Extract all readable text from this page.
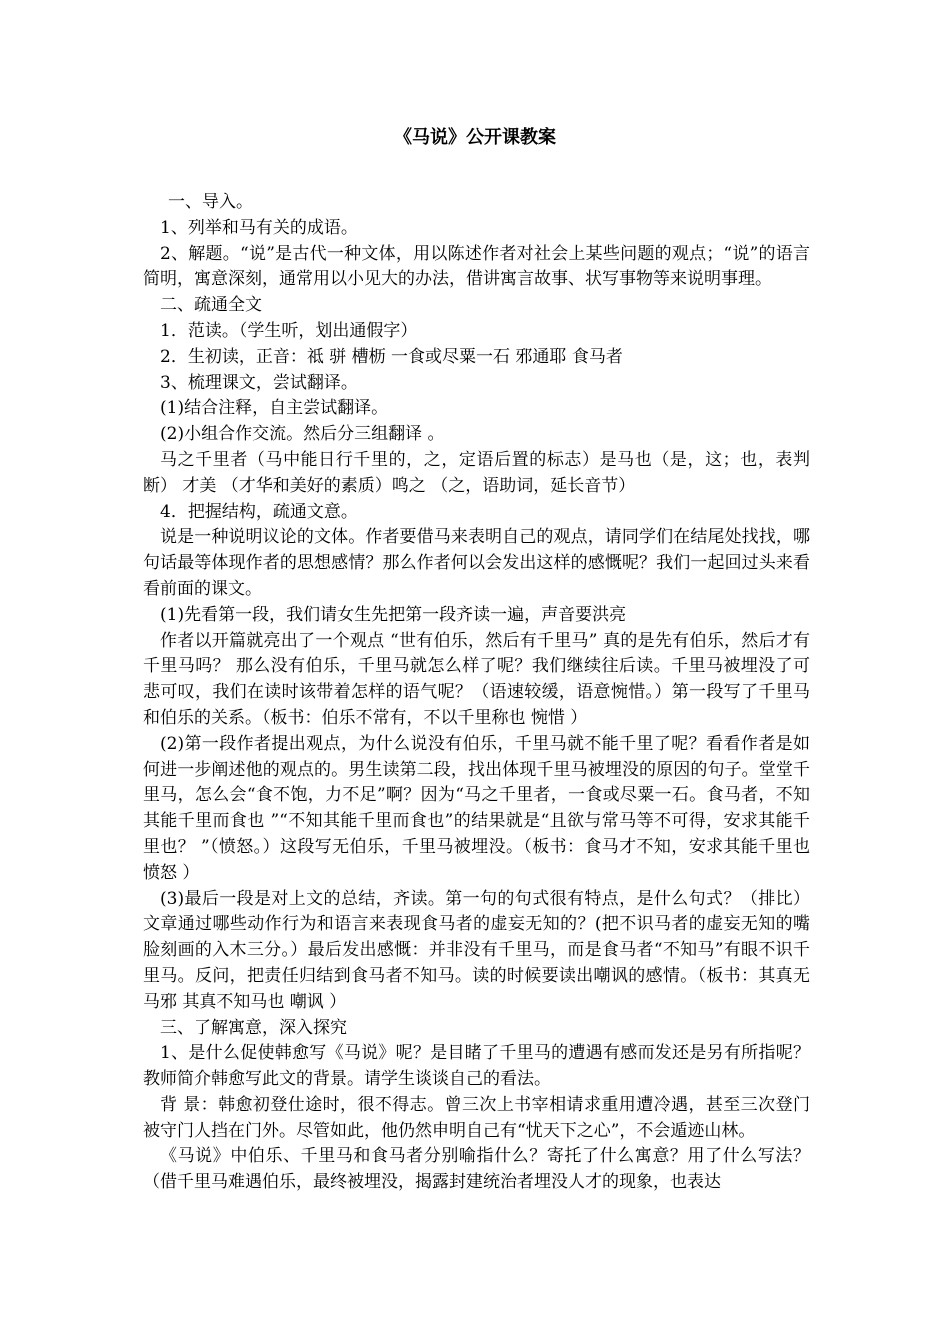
《马说》公开课教案

一、导入。

1、列举和马有关的成语。

2、解题。“说”是古代一种文体，用以陈述作者对社会上某些问题的观点；“说”的语言简明，寓意深刻，通常用以小见大的办法，借讲寓言故事、状写事物等来说明事理。

二、疏通全文

1．范读。（学生听，划出通假字）

2．生初读，正音：祗 骈 槽枥 一食或尽粟一石 邪通耶 食马者

3、梳理课文，尝试翻译。

(1)结合注释，自主尝试翻译。

(2)小组合作交流。然后分三组翻译 。

马之千里者（马中能日行千里的，之，定语后置的标志）是马也（是，这；也，表判断） 才美 （才华和美好的素质）鸣之 （之，语助词，延长音节）

4．把握结构，疏通文意。

说是一种说明议论的文体。作者要借马来表明自己的观点，请同学们在结尾处找找，哪句话最等体现作者的思想感情？那么作者何以会发出这样的感慨呢？我们一起回过头来看看前面的课文。

(1)先看第一段，我们请女生先把第一段齐读一遍，声音要洪亮

作者以开篇就亮出了一个观点 “世有伯乐，然后有千里马” 真的是先有伯乐，然后才有千里马吗？ 那么没有伯乐，千里马就怎么样了呢？我们继续往后读。千里马被埋没了可悲可叹，我们在读时该带着怎样的语气呢？（语速较缓，语意惋惜。）第一段写了千里马和伯乐的关系。（板书：伯乐不常有，不以千里称也 惋惜 ）

(2)第一段作者提出观点，为什么说没有伯乐，千里马就不能千里了呢？看看作者是如何进一步阐述他的观点的。男生读第二段，找出体现千里马被埋没的原因的句子。堂堂千里马，怎么会“食不饱，力不足”啊？因为“马之千里者，一食或尽粟一石。食马者，不知其能千里而食也 ”“不知其能千里而食也”的结果就是“且欲与常马等不可得，安求其能千里也？ ”（愤怒。）这段写无伯乐，千里马被埋没。（板书：食马才不知，安求其能千里也 愤怒 ）

(3)最后一段是对上文的总结，齐读。第一句的句式很有特点，是什么句式？（排比） 文章通过哪些动作行为和语言来表现食马者的虚妄无知的？(把不识马者的虚妄无知的嘴脸刻画的入木三分。）最后发出感慨：并非没有千里马，而是食马者“不知马”有眼不识千里马。反问，把责任归结到食马者不知马。读的时候要读出嘲讽的感情。（板书：其真无马邪 其真不知马也 嘲讽 ）

三、了解寓意，深入探究

1、是什么促使韩愈写《马说》呢？是目睹了千里马的遭遇有感而发还是另有所指呢？教师简介韩愈写此文的背景。请学生谈谈自己的看法。

背 景：韩愈初登仕途时，很不得志。曾三次上书宰相请求重用遭冷遇，甚至三次登门被守门人挡在门外。尽管如此，他仍然申明自己有“忧天下之心”，不会遁迹山林。

《马说》中伯乐、千里马和食马者分别喻指什么？寄托了什么寓意？用了什么写法？（借千里马难遇伯乐，最终被埋没，揭露封建统治者埋没人才的现象，也表达
